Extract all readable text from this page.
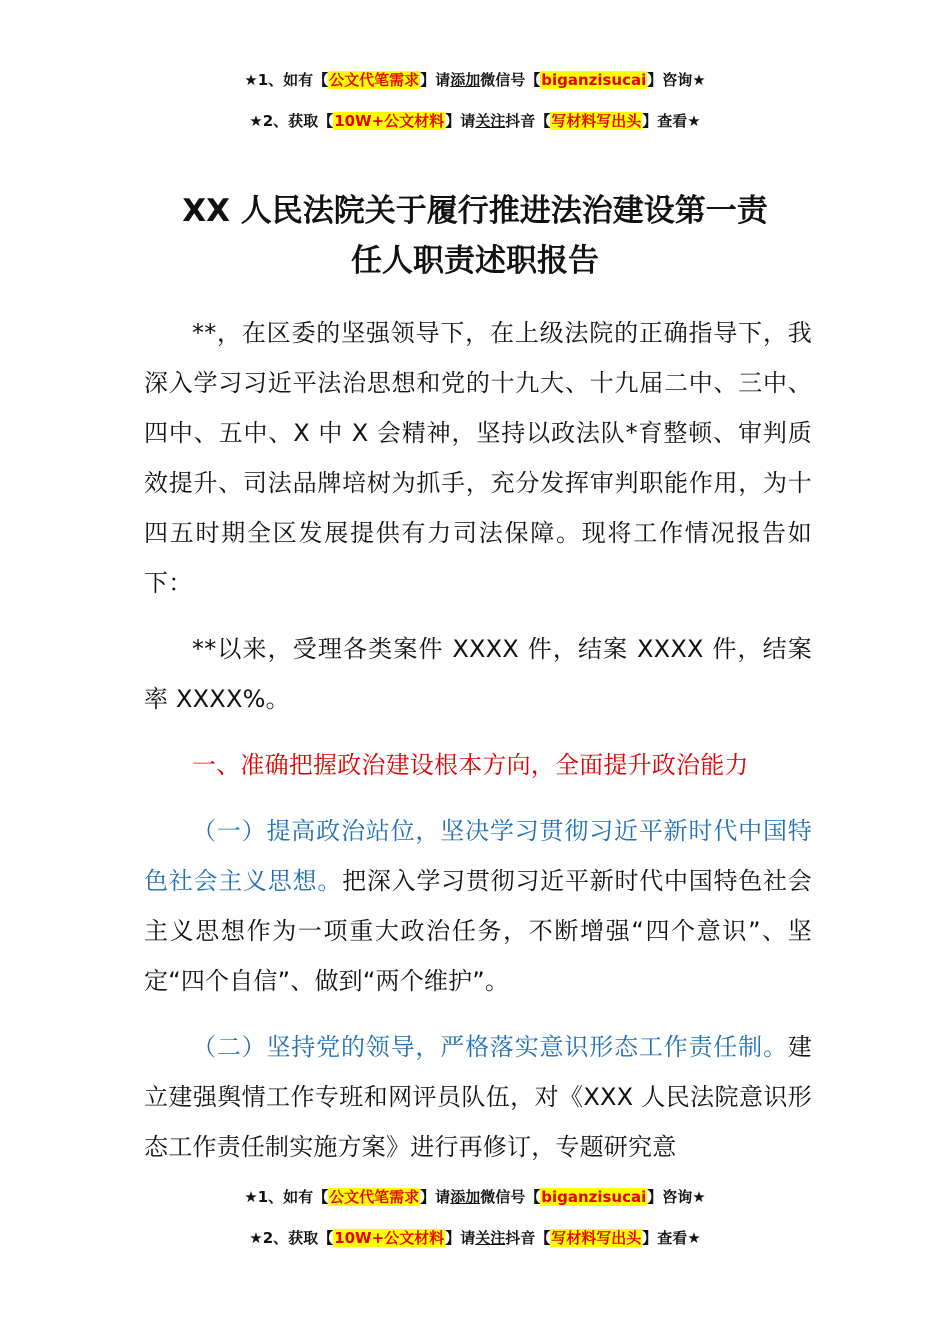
★1、如有【公文代笔需求】请添加微信号【biganzisucai】咨询★
★2、获取【10W+公文材料】请关注抖音【写材料写出头】查看★
XX 人民法院关于履行推进法治建设第一责
任人职责述职报告

**，在区委的坚强领导下，在上级法院的正确指导下，我深入学习习近平法治思想和党的十九大、十九届二中、三中、四中、五中、X 中 X 会精神，坚持以政法队*育整顿、审判质效提升、司法品牌培树为抓手，充分发挥审判职能作用，为十四五时期全区发展提供有力司法保障。现将工作情况报告如下：

**以来，受理各类案件 XXXX 件，结案 XXXX 件，结案率 XXXX%。

一、准确把握政治建设根本方向，全面提升政治能力

（一）提高政治站位，坚决学习贯彻习近平新时代中国特色社会主义思想。把深入学习贯彻习近平新时代中国特色社会主义思想作为一项重大政治任务，不断增强“四个意识”、坚定“四个自信”、做到“两个维护”。

（二）坚持党的领导，严格落实意识形态工作责任制。建立建强舆情工作专班和网评员队伍，对《XXX 人民法院意识形态工作责任制实施方案》进行再修订，专题研究意

★1、如有【公文代笔需求】请添加微信号【biganzisucai】咨询★
★2、获取【10W+公文材料】请关注抖音【写材料写出头】查看★
